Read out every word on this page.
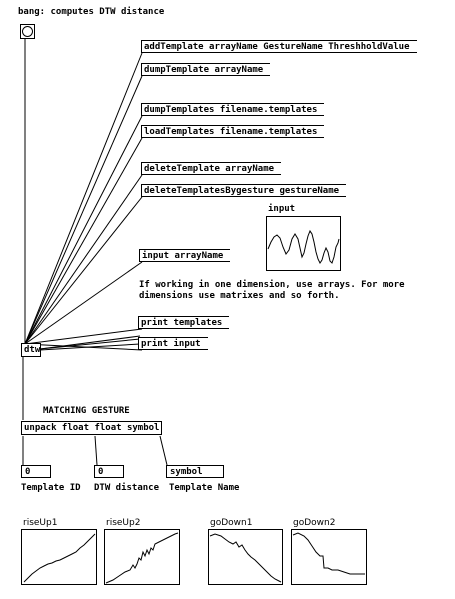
bang: computes DTW distance
addTemplate arrayName GestureName ThreshholdValue
dumpTemplate arrayName
dumpTemplates filename.templates
loadTemplates filename.templates
deleteTemplate arrayName
deleteTemplatesBygesture gestureName
input arrayName
print templates
print input
input
If working in one dimension, use arrays. For more
dimensions use matrixes and so forth.
dtw
MATCHING GESTURE
unpack float float symbol
0	0	symbol
Template ID DTW distance Template Name
riseUp1	riseUp2	goDown1	goDown2
